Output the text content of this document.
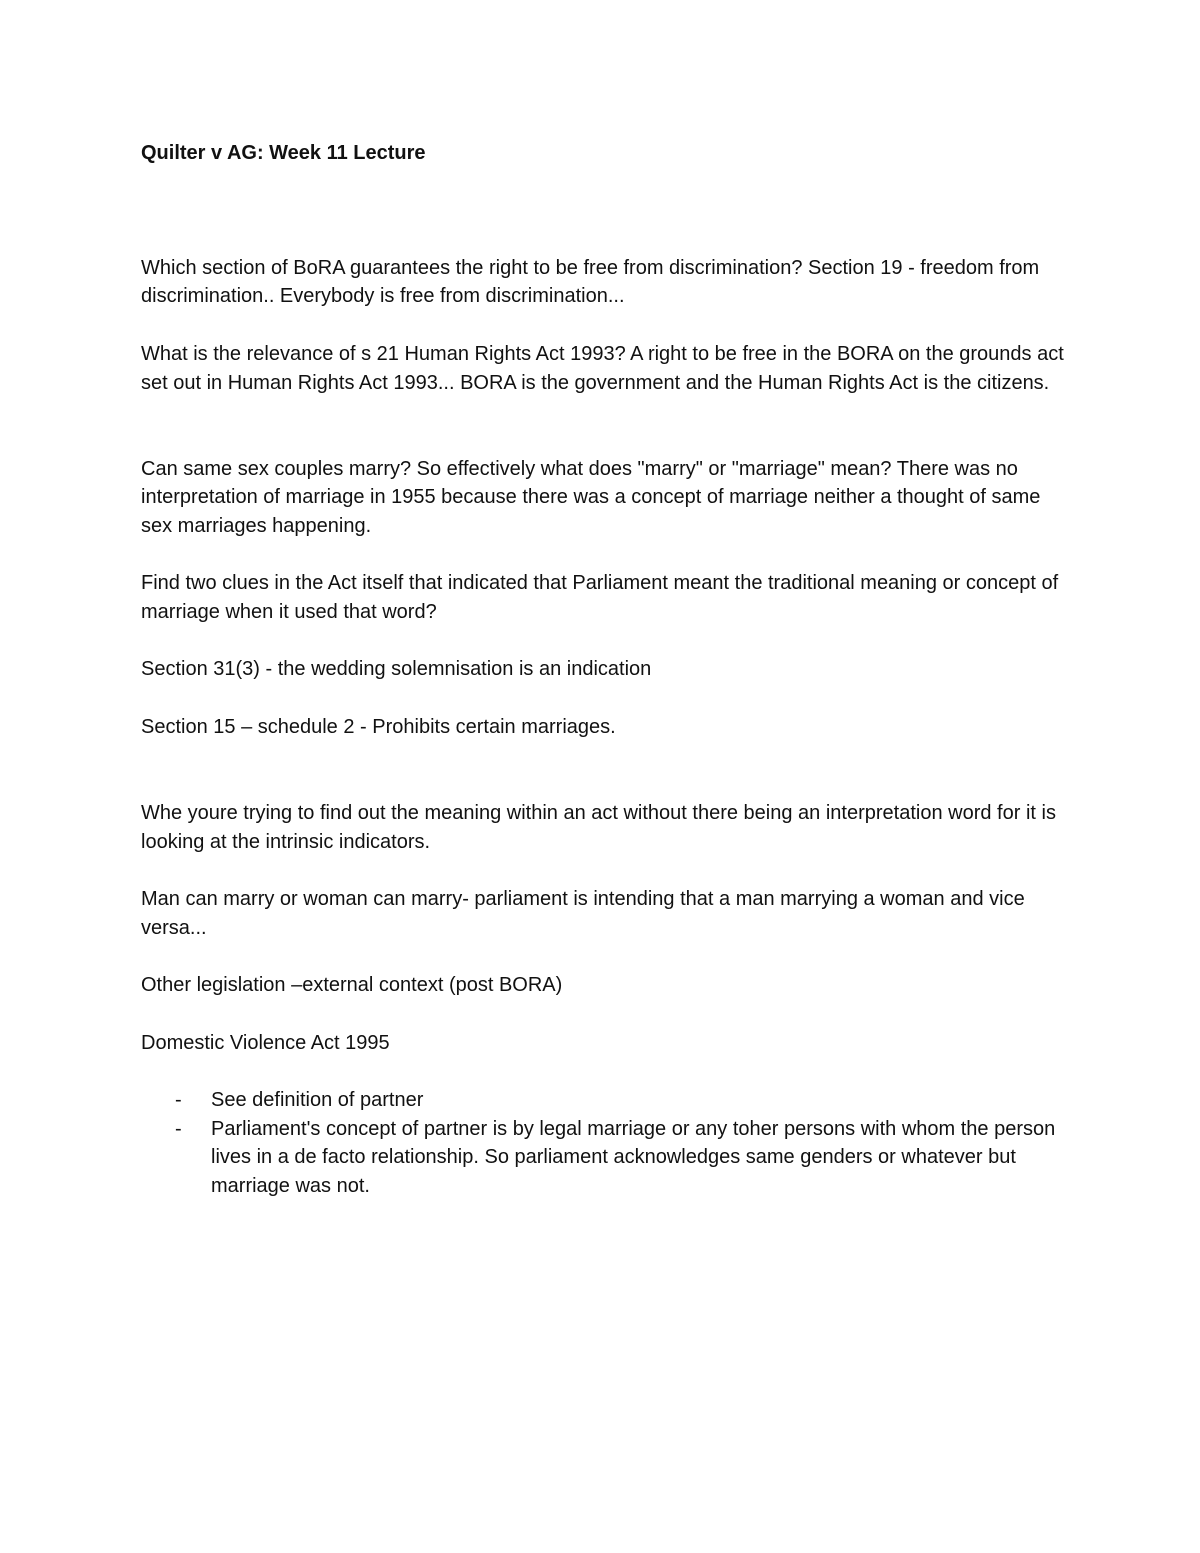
Quilter v AG: Week 11 Lecture

Which section of BoRA guarantees the right to be free from discrimination? Section 19 - freedom from discrimination.. Everybody is free from discrimination...

What is the relevance of s 21 Human Rights Act 1993? A right to be free in the BORA on the grounds act set out in Human Rights Act 1993... BORA is the government and the Human Rights Act is the citizens.

Can same sex couples marry? So effectively what does "marry" or "marriage" mean? There was no interpretation of marriage in 1955 because there was a concept of marriage neither a thought of same sex marriages happening.

Find two clues in the Act itself that indicated that Parliament meant the traditional meaning or concept of marriage when it used that word?

Section 31(3) - the wedding solemnisation is an indication

Section 15 – schedule 2 - Prohibits certain marriages.

Whe youre trying to find out the meaning within an act without there being an interpretation word for it is looking at the intrinsic indicators.

Man can marry or woman can marry- parliament is intending that a man marrying a woman and vice versa...

Other legislation –external context (post BORA)

Domestic Violence Act 1995

- See definition of partner
- Parliament's concept of partner is by legal marriage or any toher persons with whom the person lives in a de facto relationship. So parliament acknowledges same genders or whatever but marriage was not.
